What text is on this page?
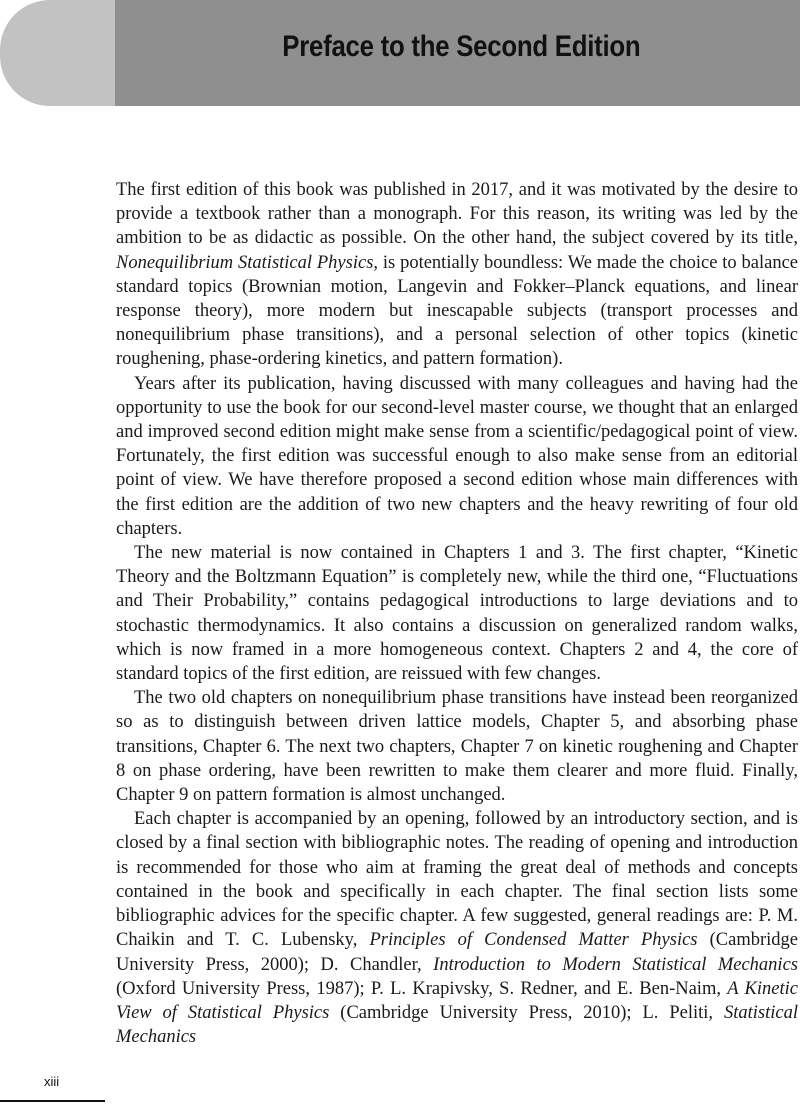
Preface to the Second Edition

The first edition of this book was published in 2017, and it was motivated by the desire to provide a textbook rather than a monograph. For this reason, its writing was led by the ambition to be as didactic as possible. On the other hand, the subject covered by its title, Nonequilibrium Statistical Physics, is potentially boundless: We made the choice to balance standard topics (Brownian motion, Langevin and Fokker–Planck equations, and linear response theory), more modern but inescapable subjects (transport processes and nonequilibrium phase transitions), and a personal selection of other topics (kinetic roughening, phase-ordering kinetics, and pattern formation).

Years after its publication, having discussed with many colleagues and having had the opportunity to use the book for our second-level master course, we thought that an enlarged and improved second edition might make sense from a scientific/pedagogical point of view. Fortunately, the first edition was successful enough to also make sense from an editorial point of view. We have therefore proposed a second edition whose main differences with the first edition are the addition of two new chapters and the heavy rewriting of four old chapters.

The new material is now contained in Chapters 1 and 3. The first chapter, “Kinetic Theory and the Boltzmann Equation” is completely new, while the third one, “Fluctuations and Their Probability,” contains pedagogical introductions to large deviations and to stochastic thermodynamics. It also contains a discussion on generalized random walks, which is now framed in a more homogeneous context. Chapters 2 and 4, the core of standard topics of the first edition, are reissued with few changes.

The two old chapters on nonequilibrium phase transitions have instead been reorganized so as to distinguish between driven lattice models, Chapter 5, and absorbing phase transitions, Chapter 6. The next two chapters, Chapter 7 on kinetic roughening and Chapter 8 on phase ordering, have been rewritten to make them clearer and more fluid. Finally, Chapter 9 on pattern formation is almost unchanged.

Each chapter is accompanied by an opening, followed by an introductory section, and is closed by a final section with bibliographic notes. The reading of opening and introduction is recommended for those who aim at framing the great deal of methods and concepts contained in the book and specifically in each chapter. The final section lists some bibliographic advices for the specific chapter. A few suggested, general readings are: P. M. Chaikin and T. C. Lubensky, Principles of Condensed Matter Physics (Cambridge University Press, 2000); D. Chandler, Introduction to Modern Statistical Mechanics (Oxford University Press, 1987); P. L. Krapivsky, S. Redner, and E. Ben-Naim, A Kinetic View of Statistical Physics (Cambridge University Press, 2010); L. Peliti, Statistical Mechanics

xiii
